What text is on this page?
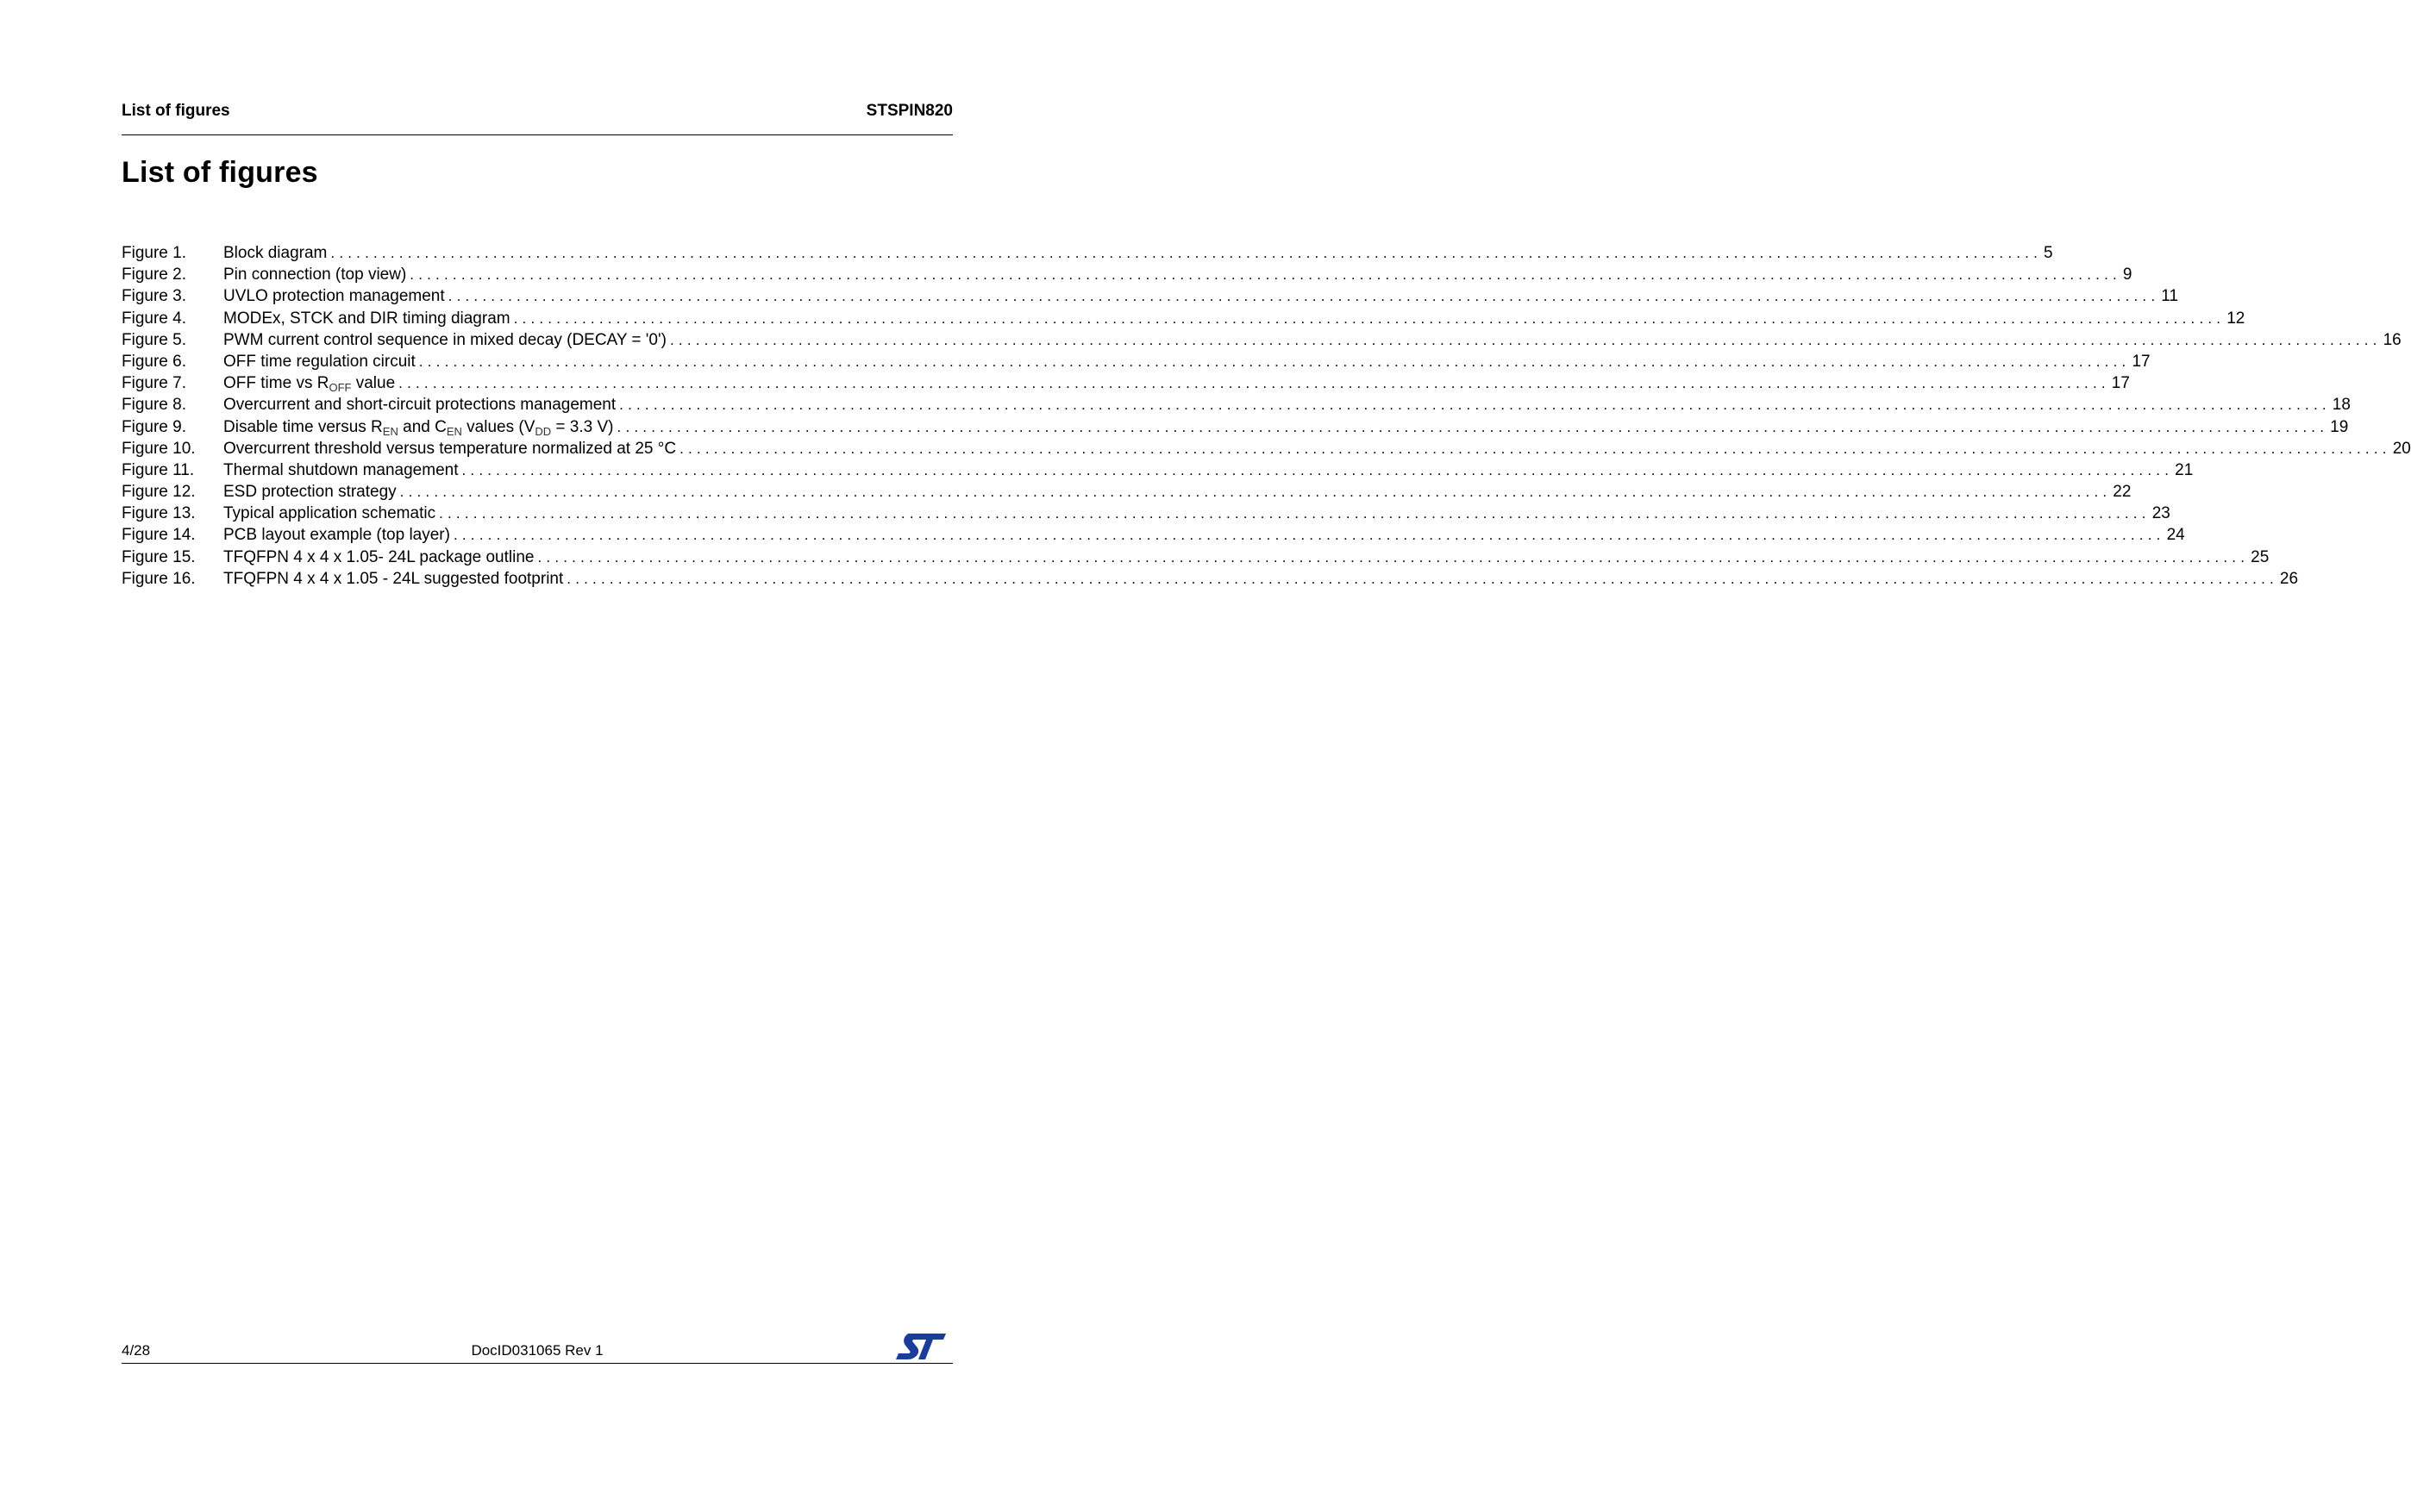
List of figures	STSPIN820
List of figures
Figure 1.	Block diagram ........................................................................................................................................................................................................ 5
Figure 2.	Pin connection (top view) ........................................................................................................................................................................................................ 9
Figure 3.	UVLO protection management ........................................................................................................................................................................................................ 11
Figure 4.	MODEx, STCK and DIR timing diagram ........................................................................................................................................................................................................ 12
Figure 5.	PWM current control sequence in mixed decay (DECAY = '0') ........................................................................................................................................................................................................ 16
Figure 6.	OFF time regulation circuit ........................................................................................................................................................................................................ 17
Figure 7.	OFF time vs $R_{OFF}$ value ........................................................................................................................................................................................................ 17
Figure 8.	Overcurrent and short-circuit protections management ........................................................................................................................................................................................................ 18
Figure 9.	Disable time versus $R_{EN}$ and $C_{EN}$ values ($V_{DD} = 3.3$ V) ........................................................................................................................................................................................................ 19
Figure 10.	Overcurrent threshold versus temperature normalized at 25 °C ........................................................................................................................................................................................................ 20
Figure 11.	Thermal shutdown management ........................................................................................................................................................................................................ 21
Figure 12.	ESD protection strategy ........................................................................................................................................................................................................ 22
Figure 13.	Typical application schematic ........................................................................................................................................................................................................ 23
Figure 14.	PCB layout example (top layer) ........................................................................................................................................................................................................ 24
Figure 15.	TFQFPN 4 x 4 x 1.05- 24L package outline ........................................................................................................................................................................................................ 25
Figure 16.	TFQFPN 4 x 4 x 1.05 - 24L suggested footprint ........................................................................................................................................................................................................ 26
4/28	DocID031065 Rev 1
